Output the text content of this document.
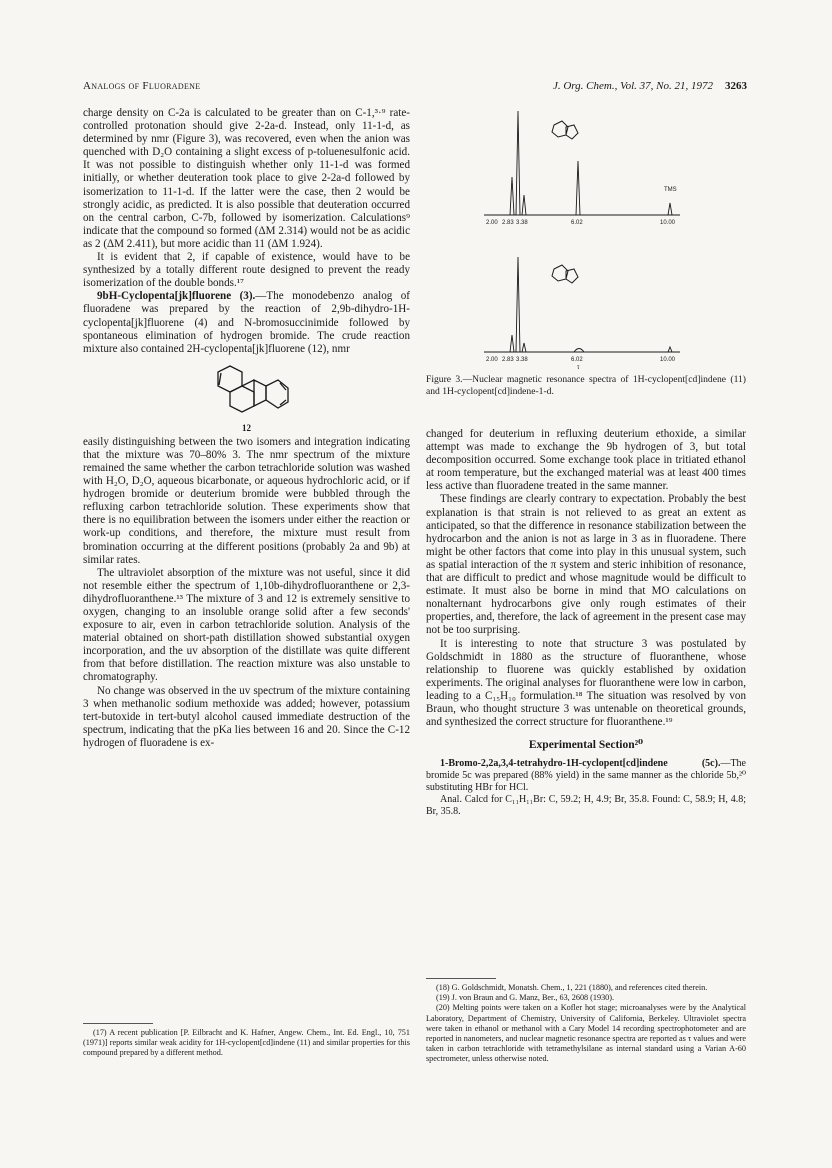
Analogs of Fluoradene	J. Org. Chem., Vol. 37, No. 21, 1972 3263

charge density on C-2a is calculated to be greater than on C-1,³·⁹ rate-controlled protonation should give 2-2a-d. Instead, only 11-1-d, as determined by nmr (Figure 3), was recovered, even when the anion was quenched with D₂O containing a slight excess of p-toluenesulfonic acid. It was not possible to distinguish whether only 11-1-d was formed initially, or whether deuteration took place to give 2-2a-d followed by isomerization to 11-1-d. If the latter were the case, then 2 would be strongly acidic, as predicted. It is also possible that deuteration occurred on the central carbon, C-7b, followed by isomerization. Calculations⁹ indicate that the compound so formed (ΔM 2.314) would not be as acidic as 2 (ΔM 2.411), but more acidic than 11 (ΔM 1.924).

It is evident that 2, if capable of existence, would have to be synthesized by a totally different route designed to prevent the ready isomerization of the double bonds.¹⁷

9bH-Cyclopenta[jk]fluorene (3).—The monodebenzo analog of fluoradene was prepared by the reaction of 2,9b-dihydro-1H-cyclopenta[jk]fluorene (4) and N-bromosuccinimide followed by spontaneous elimination of hydrogen bromide. The crude reaction mixture also contained 2H-cyclopenta[jk]fluorene (12), nmr

12

easily distinguishing between the two isomers and integration indicating that the mixture was 70–80% 3. The nmr spectrum of the mixture remained the same whether the carbon tetrachloride solution was washed with H₂O, D₂O, aqueous bicarbonate, or aqueous hydrochloric acid, or if hydrogen bromide or deuterium bromide were bubbled through the refluxing carbon tetrachloride solution. These experiments show that there is no equilibration between the isomers under either the reaction or work-up conditions, and therefore, the mixture must result from bromination occurring at the different positions (probably 2a and 9b) at similar rates.

The ultraviolet absorption of the mixture was not useful, since it did not resemble either the spectrum of 1,10b-dihydrofluoranthene or 2,3-dihydrofluoranthene.¹³ The mixture of 3 and 12 is extremely sensitive to oxygen, changing to an insoluble orange solid after a few seconds' exposure to air, even in carbon tetrachloride solution. Analysis of the material obtained on short-path distillation showed substantial oxygen incorporation, and the uv absorption of the distillate was quite different from that before distillation. The reaction mixture was also unstable to chromatography.

No change was observed in the uv spectrum of the mixture containing 3 when methanolic sodium methoxide was added; however, potassium tert-butoxide in tert-butyl alcohol caused immediate destruction of the spectrum, indicating that the pKa lies between 16 and 20. Since the C-12 hydrogen of fluoradene is ex-

(17) A recent publication [P. Eilbracht and K. Hafner, Angew. Chem., Int. Ed. Engl., 10, 751 (1971)] reports similar weak acidity for 1H-cyclopent[cd]indene (11) and similar properties for this compound prepared by a different method.

2.00 2.83 3.38	6.02	10.00
TMS
2.00 2.83 3.38	6.02	10.00
τ

Figure 3.—Nuclear magnetic resonance spectra of 1H-cyclopent[cd]indene (11) and 1H-cyclopent[cd]indene-1-d.

changed for deuterium in refluxing deuterium ethoxide, a similar attempt was made to exchange the 9b hydrogen of 3, but total decomposition occurred. Some exchange took place in tritiated ethanol at room temperature, but the exchanged material was at least 400 times less active than fluoradene treated in the same manner.

These findings are clearly contrary to expectation. Probably the best explanation is that strain is not relieved to as great an extent as anticipated, so that the difference in resonance stabilization between the hydrocarbon and the anion is not as large in 3 as in fluoradene. There might be other factors that come into play in this unusual system, such as spatial interaction of the π system and steric inhibition of resonance, that are difficult to predict and whose magnitude would be difficult to estimate. It must also be borne in mind that MO calculations on nonalternant hydrocarbons give only rough estimates of their properties, and, therefore, the lack of agreement in the present case may not be too surprising.

It is interesting to note that structure 3 was postulated by Goldschmidt in 1880 as the structure of fluoranthene, whose relationship to fluorene was quickly established by oxidation experiments. The original analyses for fluoranthene were low in carbon, leading to a C₁₅H₁₀ formulation.¹⁸ The situation was resolved by von Braun, who thought structure 3 was untenable on theoretical grounds, and synthesized the correct structure for fluoranthene.¹⁹

Experimental Section²⁰

1-Bromo-2,2a,3,4-tetrahydro-1H-cyclopent[cd]indene (5c).—The bromide 5c was prepared (88% yield) in the same manner as the chloride 5b,²⁰ substituting HBr for HCl.

Anal. Calcd for C₁₁H₁₁Br: C, 59.2; H, 4.9; Br, 35.8. Found: C, 58.9; H, 4.8; Br, 35.8.

(18) G. Goldschmidt, Monatsh. Chem., 1, 221 (1880), and references cited therein.

(19) J. von Braun and G. Manz, Ber., 63, 2608 (1930).

(20) Melting points were taken on a Kofler hot stage; microanalyses were by the Analytical Laboratory, Department of Chemistry, University of California, Berkeley. Ultraviolet spectra were taken in ethanol or methanol with a Cary Model 14 recording spectrophotometer and are reported in nanometers, and nuclear magnetic resonance spectra are reported as τ values and were taken in carbon tetrachloride with tetramethylsilane as internal standard using a Varian A-60 spectrometer, unless otherwise noted.
